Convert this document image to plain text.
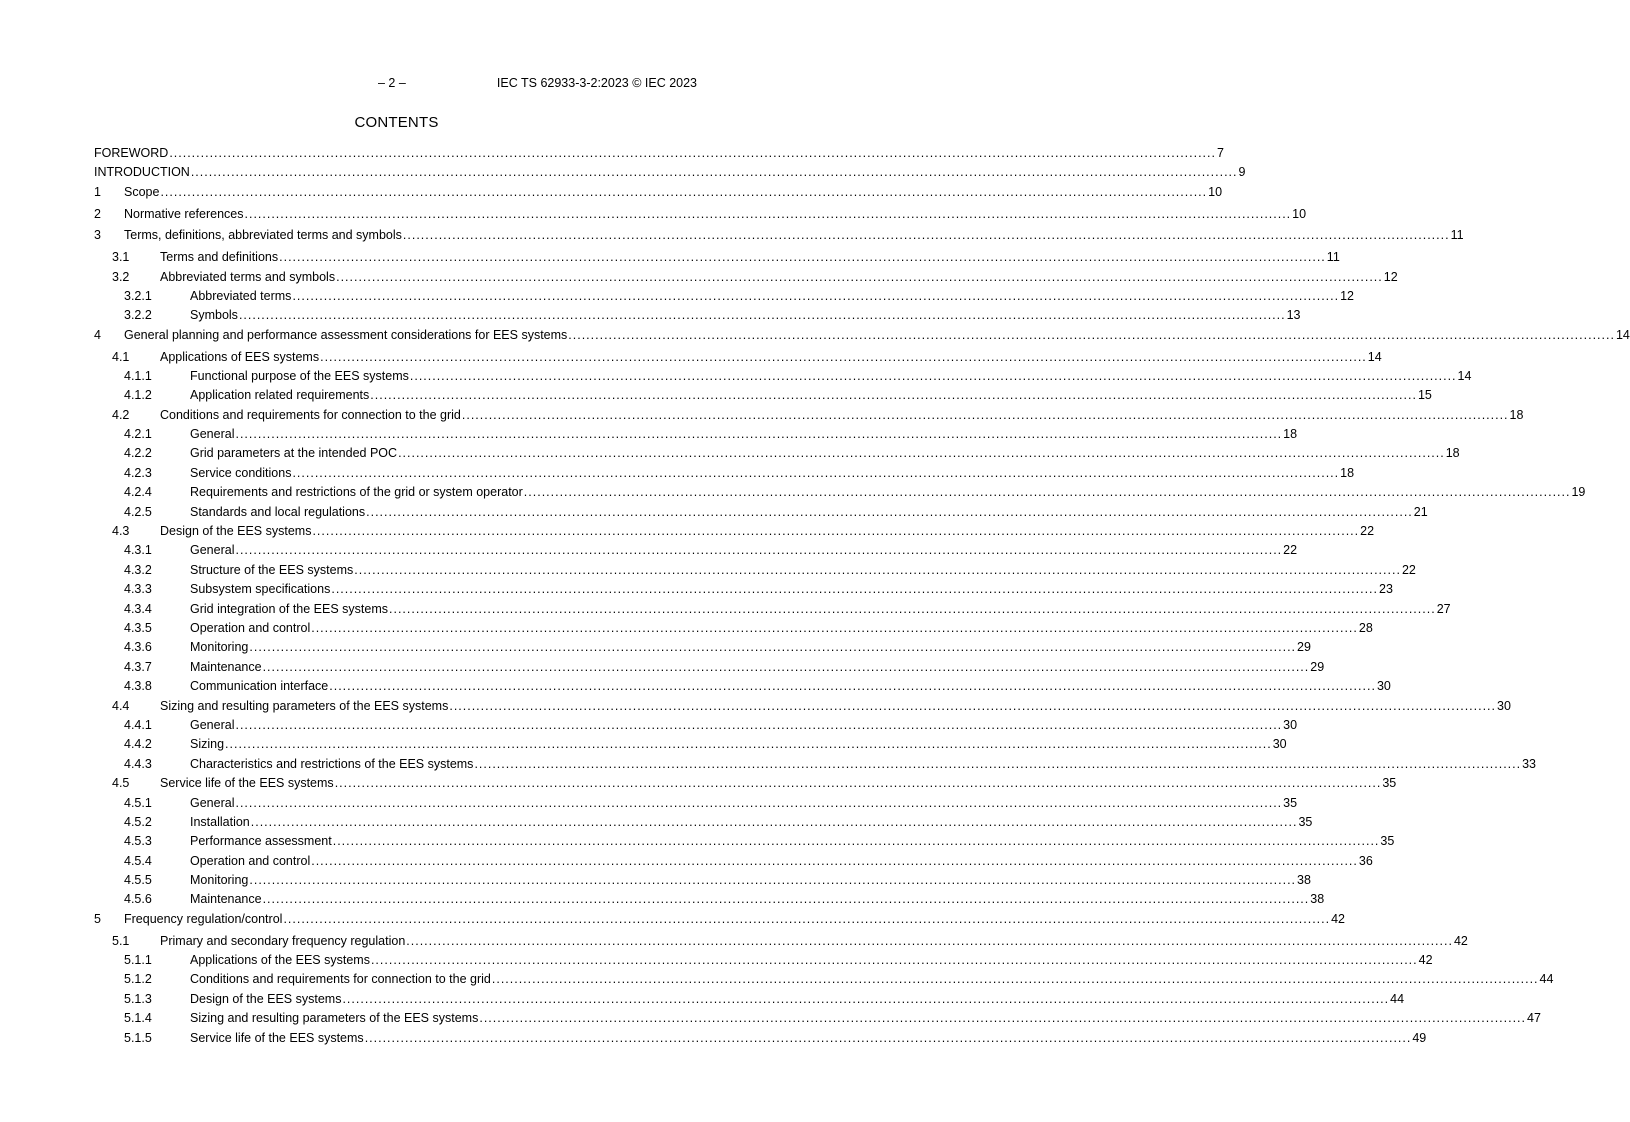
– 2 –	IEC TS 62933-3-2:2023 © IEC 2023
CONTENTS
FOREWORD .....	7
INTRODUCTION .....	9
1 Scope .....	10
2 Normative references .....	10
3 Terms, definitions, abbreviated terms and symbols .....	11
3.1 Terms and definitions .....	11
3.2 Abbreviated terms and symbols .....	12
3.2.1	Abbreviated terms .....	12
3.2.2	Symbols .....	13
4 General planning and performance assessment considerations for EES systems .....	14
4.1 Applications of EES systems .....	14
4.1.1	Functional purpose of the EES systems .....	14
4.1.2	Application related requirements .....	15
4.2 Conditions and requirements for connection to the grid .....	18
4.2.1	General .....	18
4.2.2	Grid parameters at the intended POC .....	18
4.2.3	Service conditions .....	18
4.2.4	Requirements and restrictions of the grid or system operator .....	19
4.2.5	Standards and local regulations .....	21
4.3 Design of the EES systems .....	22
4.3.1	General .....	22
4.3.2	Structure of the EES systems .....	22
4.3.3	Subsystem specifications .....	23
4.3.4	Grid integration of the EES systems .....	27
4.3.5	Operation and control .....	28
4.3.6	Monitoring .....	29
4.3.7	Maintenance .....	29
4.3.8	Communication interface .....	30
4.4 Sizing and resulting parameters of the EES systems .....	30
4.4.1	General .....	30
4.4.2	Sizing .....	30
4.4.3	Characteristics and restrictions of the EES systems .....	33
4.5 Service life of the EES systems .....	35
4.5.1	General .....	35
4.5.2	Installation .....	35
4.5.3	Performance assessment .....	35
4.5.4	Operation and control .....	36
4.5.5	Monitoring .....	38
4.5.6	Maintenance .....	38
5 Frequency regulation/control .....	42
5.1 Primary and secondary frequency regulation .....	42
5.1.1	Applications of the EES systems .....	42
5.1.2	Conditions and requirements for connection to the grid .....	44
5.1.3	Design of the EES systems .....	44
5.1.4	Sizing and resulting parameters of the EES systems .....	47
5.1.5	Service life of the EES systems .....	49
